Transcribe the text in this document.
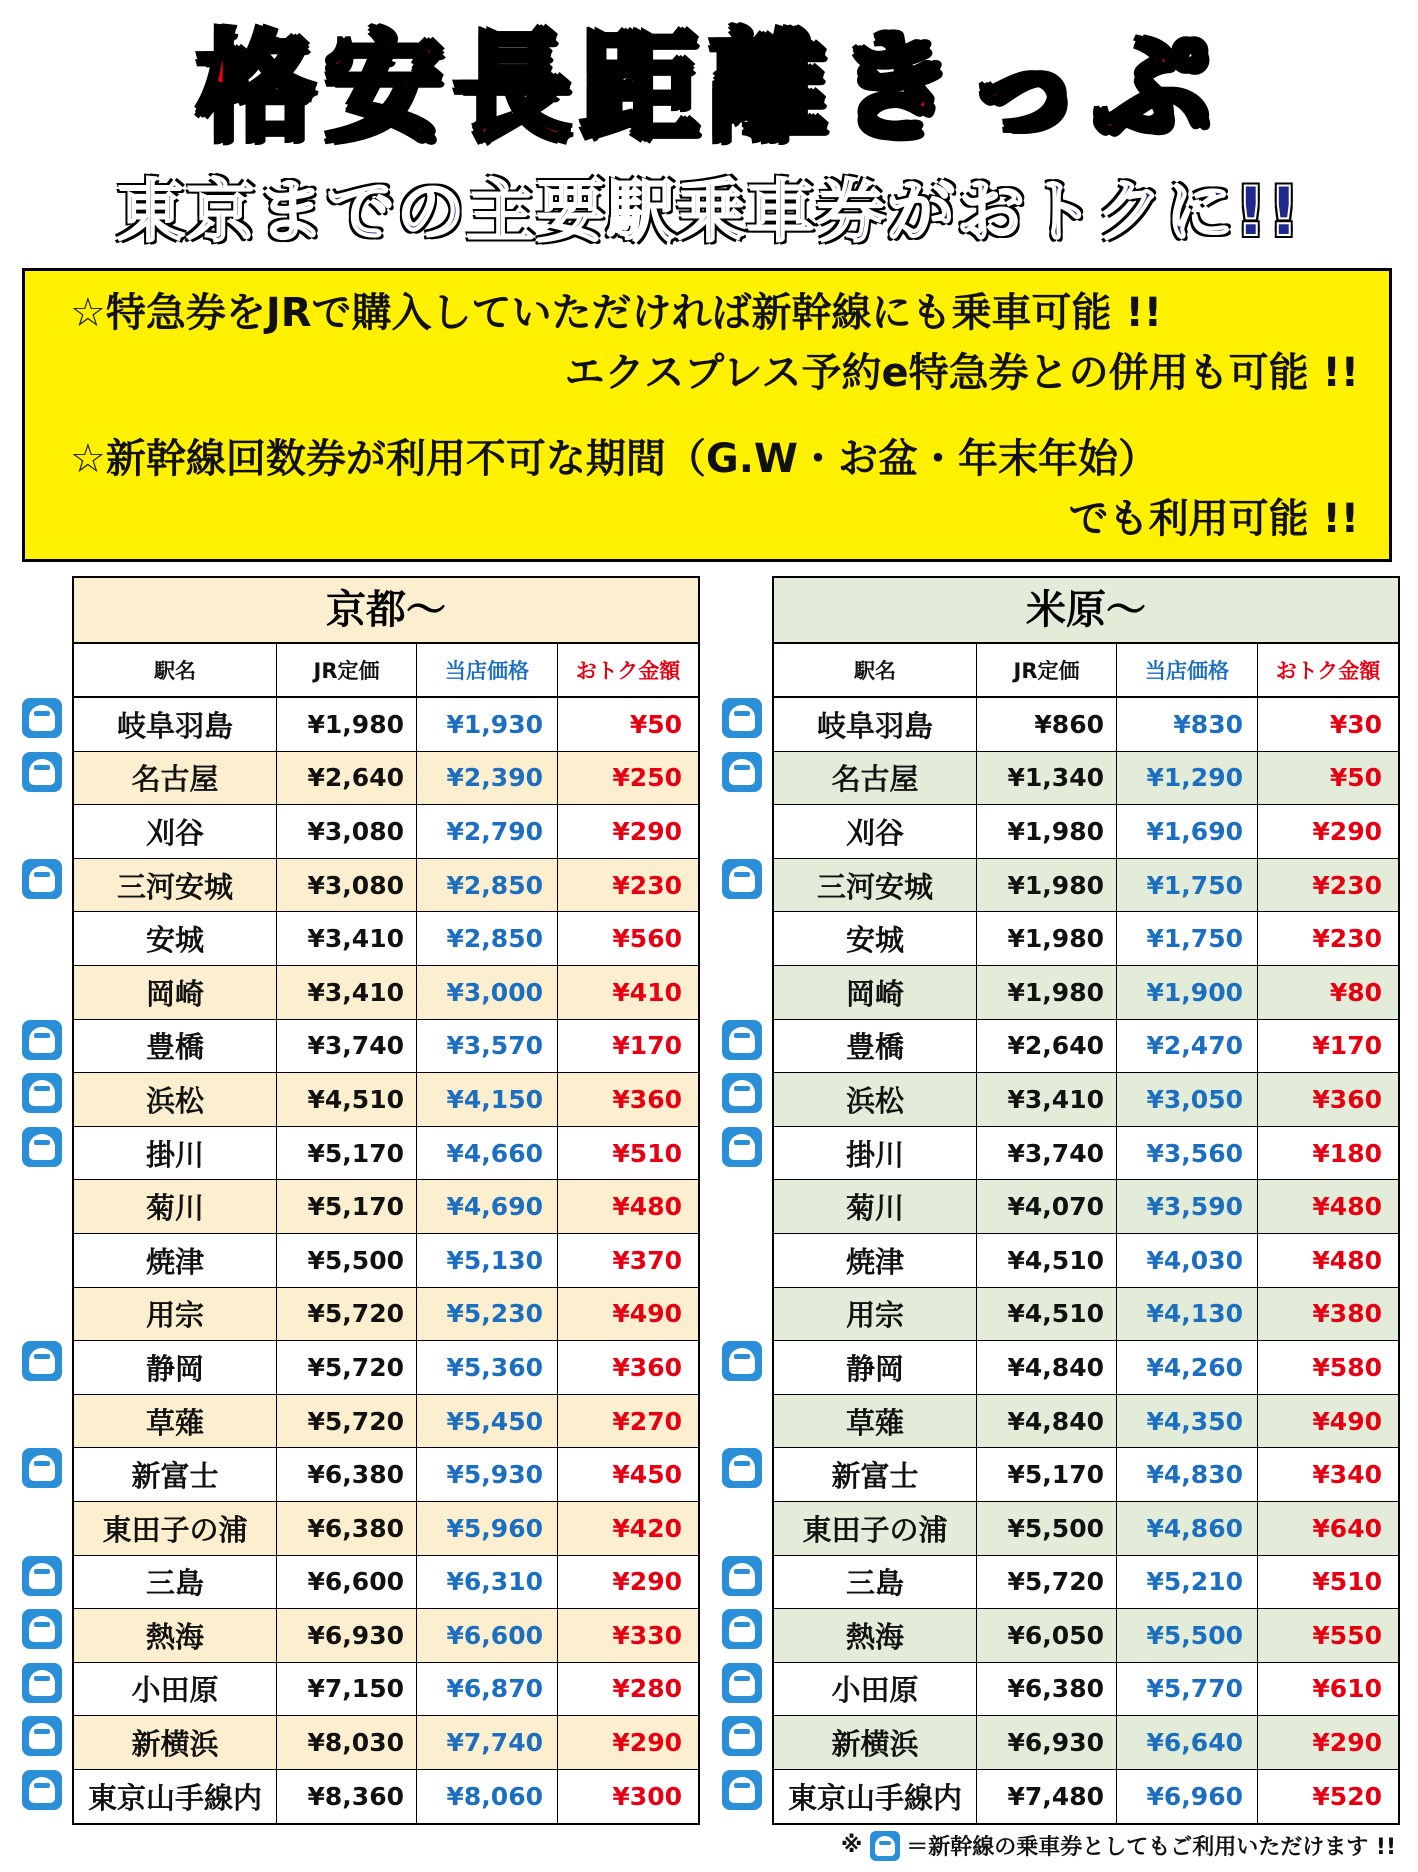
格安長距離きっぷ
東京までの主要駅乗車券がおトクに!!
☆特急券をJRで購入していただければ新幹線にも乗車可能 !!
エクスプレス予約e特急券との併用も可能 !!
☆新幹線回数券が利用不可な期間（G.W・お盆・年末年始）
でも利用可能 !!
京都～
駅名	JR定価	当店価格	おトク金額
岐阜羽島	¥1,980	¥1,930	¥50
名古屋	¥2,640	¥2,390	¥250
刈谷	¥3,080	¥2,790	¥290
三河安城	¥3,080	¥2,850	¥230
安城	¥3,410	¥2,850	¥560
岡崎	¥3,410	¥3,000	¥410
豊橋	¥3,740	¥3,570	¥170
浜松	¥4,510	¥4,150	¥360
掛川	¥5,170	¥4,660	¥510
菊川	¥5,170	¥4,690	¥480
焼津	¥5,500	¥5,130	¥370
用宗	¥5,720	¥5,230	¥490
静岡	¥5,720	¥5,360	¥360
草薙	¥5,720	¥5,450	¥270
新富士	¥6,380	¥5,930	¥450
東田子の浦	¥6,380	¥5,960	¥420
三島	¥6,600	¥6,310	¥290
熱海	¥6,930	¥6,600	¥330
小田原	¥7,150	¥6,870	¥280
新横浜	¥8,030	¥7,740	¥290
東京山手線内	¥8,360	¥8,060	¥300
米原～
駅名	JR定価	当店価格	おトク金額
岐阜羽島	¥860	¥830	¥30
名古屋	¥1,340	¥1,290	¥50
刈谷	¥1,980	¥1,690	¥290
三河安城	¥1,980	¥1,750	¥230
安城	¥1,980	¥1,750	¥230
岡崎	¥1,980	¥1,900	¥80
豊橋	¥2,640	¥2,470	¥170
浜松	¥3,410	¥3,050	¥360
掛川	¥3,740	¥3,560	¥180
菊川	¥4,070	¥3,590	¥480
焼津	¥4,510	¥4,030	¥480
用宗	¥4,510	¥4,130	¥380
静岡	¥4,840	¥4,260	¥580
草薙	¥4,840	¥4,350	¥490
新富士	¥5,170	¥4,830	¥340
東田子の浦	¥5,500	¥4,860	¥640
三島	¥5,720	¥5,210	¥510
熱海	¥6,050	¥5,500	¥550
小田原	¥6,380	¥5,770	¥610
新横浜	¥6,930	¥6,640	¥290
東京山手線内	¥7,480	¥6,960	¥520
※ ＝新幹線の乗車券としてもご利用いただけます !!
